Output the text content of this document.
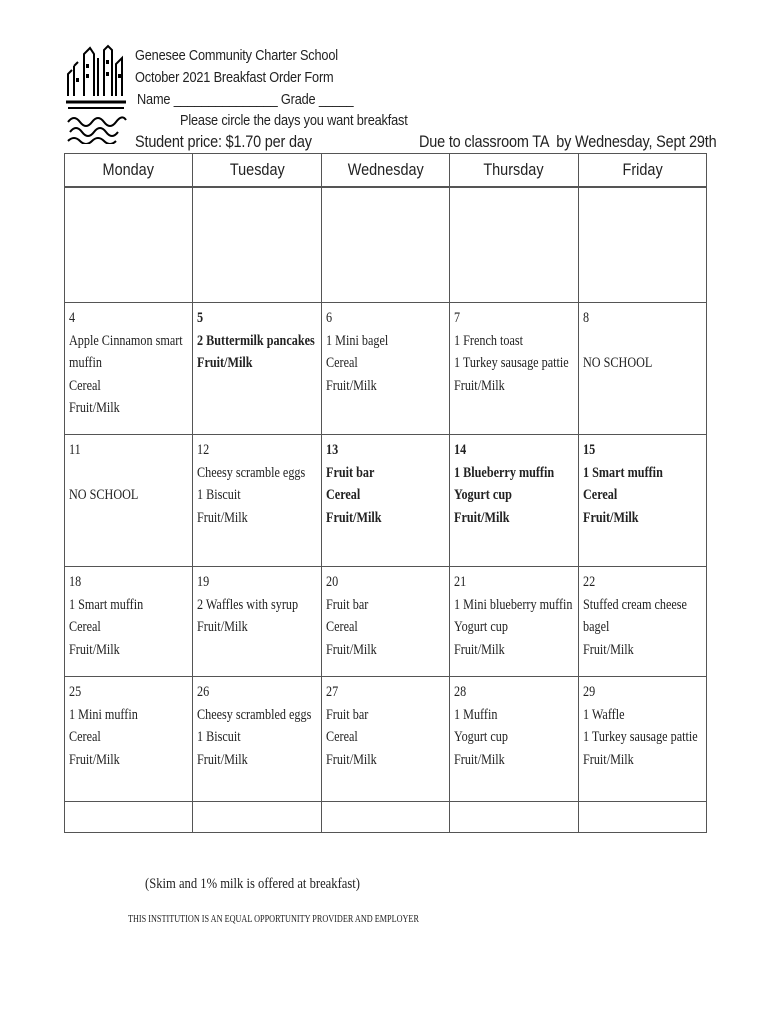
Genesee Community Charter School
October 2021 Breakfast Order Form
Name _______________ Grade _____
Please circle the days you want breakfast
Student price: $1.70 per day	Due to classroom TA  by Wednesday, Sept 29th
Monday	Tuesday	Wednesday	Thursday	Friday

4
Apple Cinnamon smart muffin
Cereal
Fruit/Milk	5
2 Buttermilk pancakes
Fruit/Milk	6
1 Mini bagel
Cereal
Fruit/Milk	7
1 French toast
1 Turkey sausage pattie
Fruit/Milk	8
NO SCHOOL

11
NO SCHOOL	12
Cheesy scramble eggs
1 Biscuit
Fruit/Milk	13
Fruit bar
Cereal
Fruit/Milk	14
1 Blueberry muffin
Yogurt cup
Fruit/Milk	15
1 Smart muffin
Cereal
Fruit/Milk

18
1 Smart muffin
Cereal
Fruit/Milk	19
2 Waffles with syrup
Fruit/Milk	20
Fruit bar
Cereal
Fruit/Milk	21
1 Mini blueberry muffin
Yogurt cup
Fruit/Milk	22
Stuffed cream cheese bagel
Fruit/Milk

25
1 Mini muffin
Cereal
Fruit/Milk	26
Cheesy scrambled eggs
1 Biscuit
Fruit/Milk	27
Fruit bar
Cereal
Fruit/Milk	28
1 Muffin
Yogurt cup
Fruit/Milk	29
1 Waffle
1 Turkey sausage pattie
Fruit/Milk

(Skim and 1% milk is offered at breakfast)
THIS INSTITUTION IS AN EQUAL OPPORTUNITY PROVIDER AND EMPLOYER
